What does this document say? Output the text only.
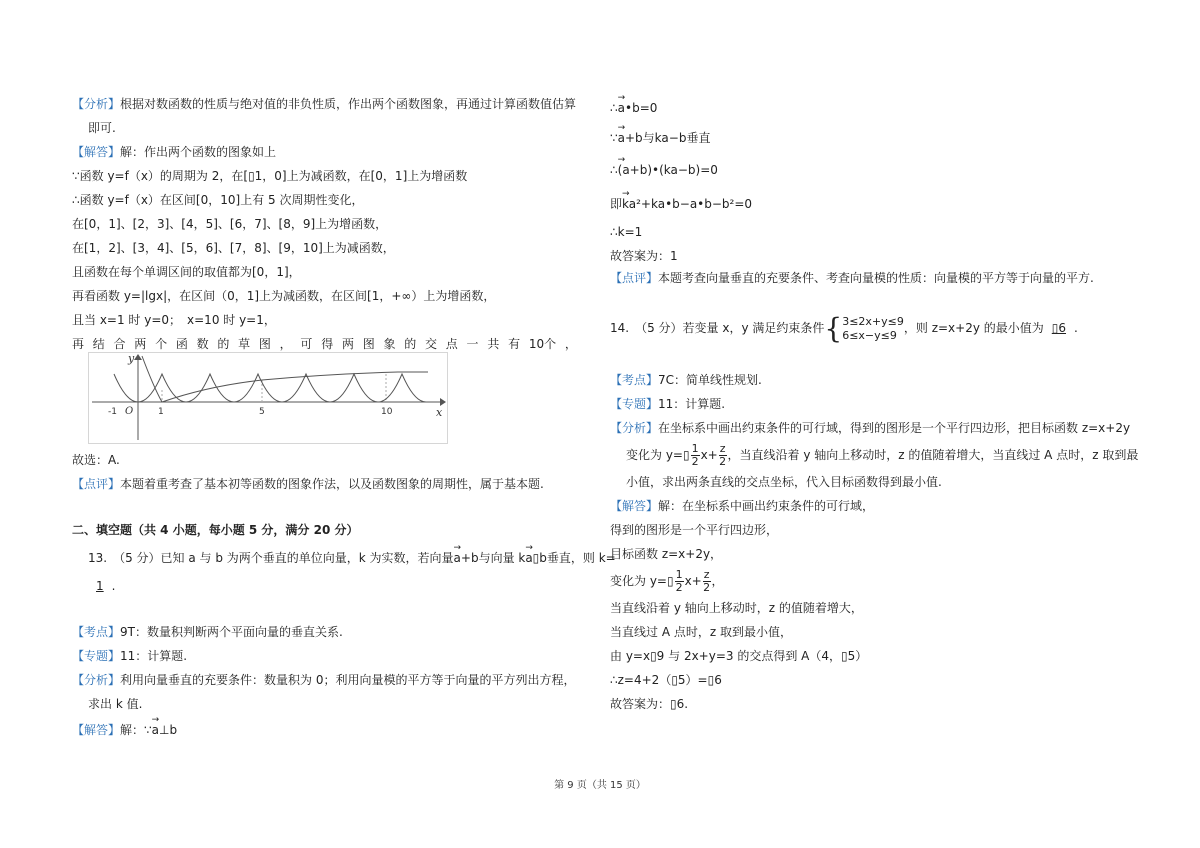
【分析】根据对数函数的性质与绝对值的非负性质，作出两个函数图象，再通过计算函数值估算
即可.
【解答】解：作出两个函数的图象如上
∵函数 y=f（x）的周期为 2，在[﻿▯1，0]上为减函数，在[0，1]上为增函数
∴函数 y=f（x）在区间[0，10]上有 5 次周期性变化，
在[0，1]、[2，3]、[4，5]、[6，7]、[8，9]上为增函数，
在[1，2]、[3，4]、[5，6]、[7，8]、[9，10]上为减函数，
且函数在每个单调区间的取值都为[0，1]，
再看函数 y=|lgx|，在区间（0，1]上为减函数，在区间[1，+∞）上为增函数，
且当 x=1 时 y=0；　x=10 时 y=1，
再 结 合 两 个 函 数 的 草 图 ， 可 得 两 图 象 的 交 点 一 共 有 10个 ，
y
x
O
-1	1	5	10
故选：A.
【点评】本题着重考查了基本初等函数的图象作法，以及函数图象的周期性，属于基本题.
二、填空题（共 4 小题，每小题 5 分，满分 20 分）
13.　（5 分）已知 a 与 b 为两个垂直的单位向量，k 为实数，若向量→ a+b与向量 k→ a▯b垂直，则 k=
1 .
【考点】9T：数量积判断两个平面向量的垂直关系.
【专题】11：计算题.
【分析】利用向量垂直的充要条件：数量积为 0；利用向量模的平方等于向量的平方列出方程，
求出 k 值.
【解答】解：∵→ a⊥b
∴→ a•b=0
∵→ a+b与ka−b垂直
∴→ (a+b)•(ka−b)=0
即→ ka²+ka•b−a•b−b²=0
∴k=1
故答案为：1
【点评】本题考查向量垂直的充要条件、考查向量模的性质：向量模的平方等于向量的平方.
14.　（5 分）若变量 x，y 满足约束条件{ 3≤2x+y≤9
6≤x−y≤9 ，则 z=x+2y 的最小值为 ▯6 .
【考点】7C：简单线性规划.
【专题】11：计算题.
【分析】在坐标系中画出约束条件的可行域，得到的图形是一个平行四边形，把目标函数 z=x+2y
变化为 y=▯ $\frac{1}{2} x+ \frac{z}{2}$ ，当直线沿着 y 轴向上移动时，z 的值随着增大，当直线过 A 点时，z 取到最
小值，求出两条直线的交点坐标，代入目标函数得到最小值.
【解答】解：在坐标系中画出约束条件的可行域，
得到的图形是一个平行四边形，
目标函数 z=x+2y，
变化为 y=▯ $\frac{1}{2} x+ \frac{z}{2}$ ，
当直线沿着 y 轴向上移动时，z 的值随着增大，
当直线过 A 点时，z 取到最小值，
由 y=x▯9 与 2x+y=3 的交点得到 A（4，▯5）
∴z=4+2（▯5）=▯6
故答案为：▯6.
第 9 页（共 15 页）
